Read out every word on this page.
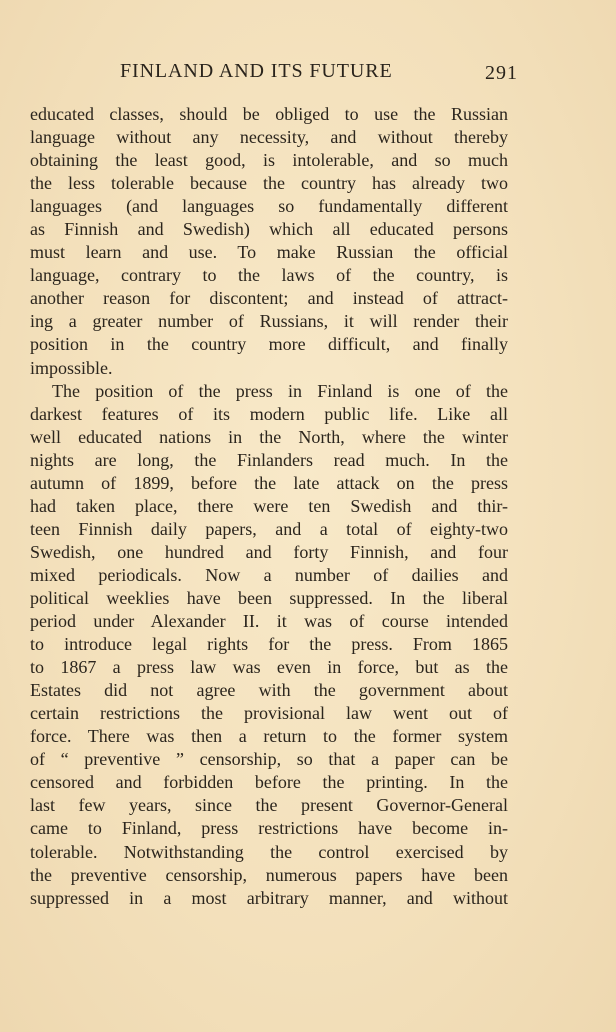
FINLAND AND ITS FUTURE	291
educated classes, should be obliged to use the Russian
language without any necessity, and without thereby
obtaining the least good, is intolerable, and so much
the less tolerable because the country has already two
languages (and languages so fundamentally different
as Finnish and Swedish) which all educated persons
must learn and use. To make Russian the official
language, contrary to the laws of the country, is
another reason for discontent; and instead of attract-
ing a greater number of Russians, it will render their
position in the country more difficult, and finally
impossible.
The position of the press in Finland is one of the
darkest features of its modern public life. Like all
well educated nations in the North, where the winter
nights are long, the Finlanders read much. In the
autumn of 1899, before the late attack on the press
had taken place, there were ten Swedish and thir-
teen Finnish daily papers, and a total of eighty-two
Swedish, one hundred and forty Finnish, and four
mixed periodicals. Now a number of dailies and
political weeklies have been suppressed. In the liberal
period under Alexander II. it was of course intended
to introduce legal rights for the press. From 1865
to 1867 a press law was even in force, but as the
Estates did not agree with the government about
certain restrictions the provisional law went out of
force. There was then a return to the former system
of “ preventive ” censorship, so that a paper can be
censored and forbidden before the printing. In the
last few years, since the present Governor-General
came to Finland, press restrictions have become in-
tolerable. Notwithstanding the control exercised by
the preventive censorship, numerous papers have been
suppressed in a most arbitrary manner, and without
